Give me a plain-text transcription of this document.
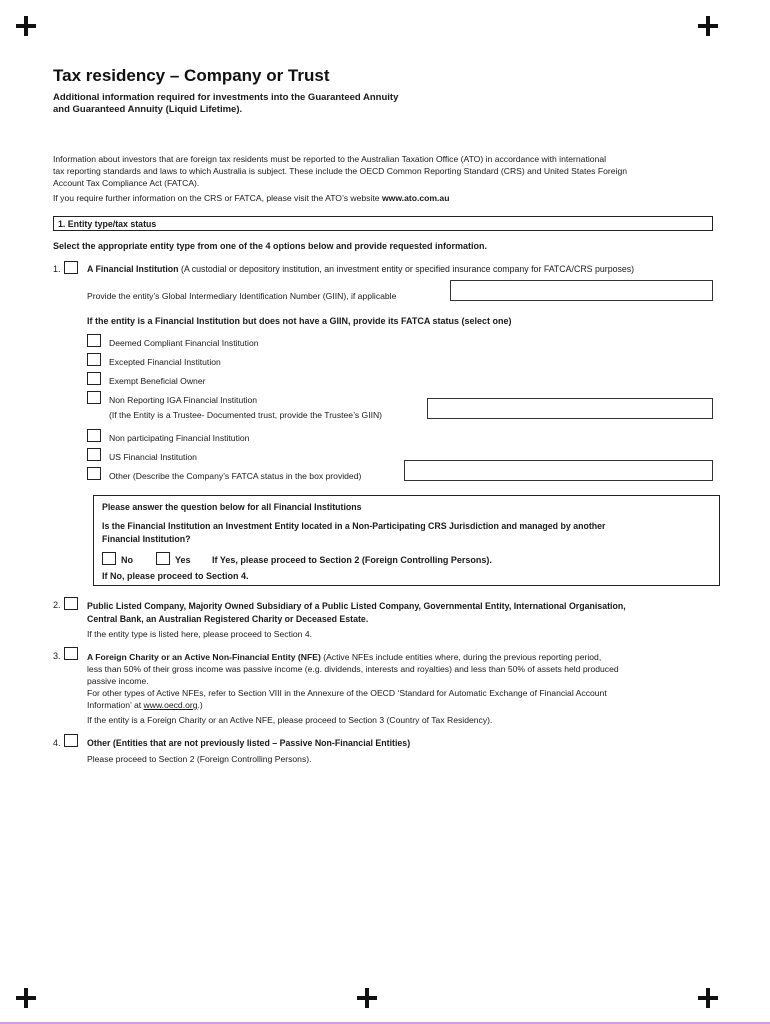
Tax residency – Company or Trust
Additional information required for investments into the Guaranteed Annuity
and Guaranteed Annuity (Liquid Lifetime).
Information about investors that are foreign tax residents must be reported to the Australian Taxation Office (ATO) in accordance with international
tax reporting standards and laws to which Australia is subject. These include the OECD Common Reporting Standard (CRS) and United States Foreign
Account Tax Compliance Act (FATCA).
If you require further information on the CRS or FATCA, please visit the ATO’s website www.ato.com.au
1. Entity type/tax status
Select the appropriate entity type from one of the 4 options below and provide requested information.
1.	A Financial Institution (A custodial or depository institution, an investment entity or specified insurance company for FATCA/CRS purposes)
Provide the entity’s Global Intermediary Identification Number (GIIN), if applicable
If the entity is a Financial Institution but does not have a GIIN, provide its FATCA status (select one)
Deemed Compliant Financial Institution
Excepted Financial Institution
Exempt Beneficial Owner
Non Reporting IGA Financial Institution
(If the Entity is a Trustee- Documented trust, provide the Trustee’s GIIN)
Non participating Financial Institution
US Financial Institution
Other (Describe the Company’s FATCA status in the box provided)
Please answer the question below for all Financial Institutions
Is the Financial Institution an Investment Entity located in a Non-Participating CRS Jurisdiction and managed by another
Financial Institution?
No	Yes If Yes, please proceed to Section 2 (Foreign Controlling Persons).
If No, please proceed to Section 4.
2.	Public Listed Company, Majority Owned Subsidiary of a Public Listed Company, Governmental Entity, International Organisation,
Central Bank, an Australian Registered Charity or Deceased Estate.
If the entity type is listed here, please proceed to Section 4.
3.	A Foreign Charity or an Active Non-Financial Entity (NFE) (Active NFEs include entities where, during the previous reporting period,
less than 50% of their gross income was passive income (e.g. dividends, interests and royalties) and less than 50% of assets held produced
passive income.
For other types of Active NFEs, refer to Section VIII in the Annexure of the OECD ‘Standard for Automatic Exchange of Financial Account
Information’ at www.oecd.org.)
If the entity is a Foreign Charity or an Active NFE, please proceed to Section 3 (Country of Tax Residency).
4.	Other (Entities that are not previously listed – Passive Non-Financial Entities)
Please proceed to Section 2 (Foreign Controlling Persons).
